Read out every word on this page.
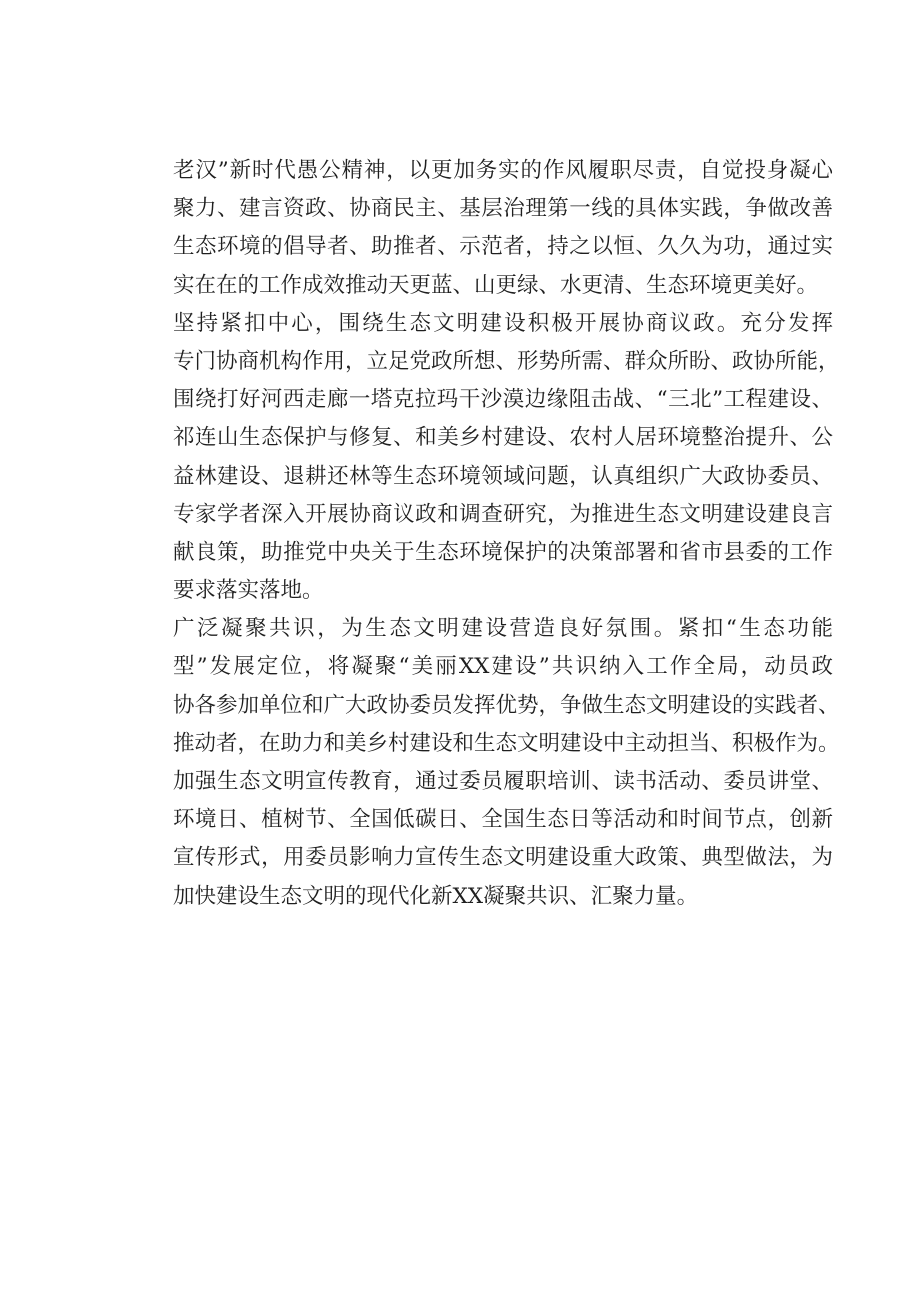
老汉”新时代愚公精神，以更加务实的作风履职尽责，自觉投身凝心
聚力、建言资政、协商民主、基层治理第一线的具体实践，争做改善
生态环境的倡导者、助推者、示范者，持之以恒、久久为功，通过实
实在在的工作成效推动天更蓝、山更绿、水更清、生态环境更美好。
坚持紧扣中心，围绕生态文明建设积极开展协商议政。充分发挥
专门协商机构作用，立足党政所想、形势所需、群众所盼、政协所能，
围绕打好河西走廊一塔克拉玛干沙漠边缘阻击战、“三北”工程建设、
祁连山生态保护与修复、和美乡村建设、农村人居环境整治提升、公
益林建设、退耕还林等生态环境领域问题，认真组织广大政协委员、
专家学者深入开展协商议政和调查研究，为推进生态文明建设建良言
献良策，助推党中央关于生态环境保护的决策部署和省市县委的工作
要求落实落地。
广泛凝聚共识，为生态文明建设营造良好氛围。紧扣“生态功能
型”发展定位，将凝聚“美丽XX建设”共识纳入工作全局，动员政
协各参加单位和广大政协委员发挥优势，争做生态文明建设的实践者、
推动者，在助力和美乡村建设和生态文明建设中主动担当、积极作为。
加强生态文明宣传教育，通过委员履职培训、读书活动、委员讲堂、
环境日、植树节、全国低碳日、全国生态日等活动和时间节点，创新
宣传形式，用委员影响力宣传生态文明建设重大政策、典型做法，为
加快建设生态文明的现代化新XX凝聚共识、汇聚力量。
